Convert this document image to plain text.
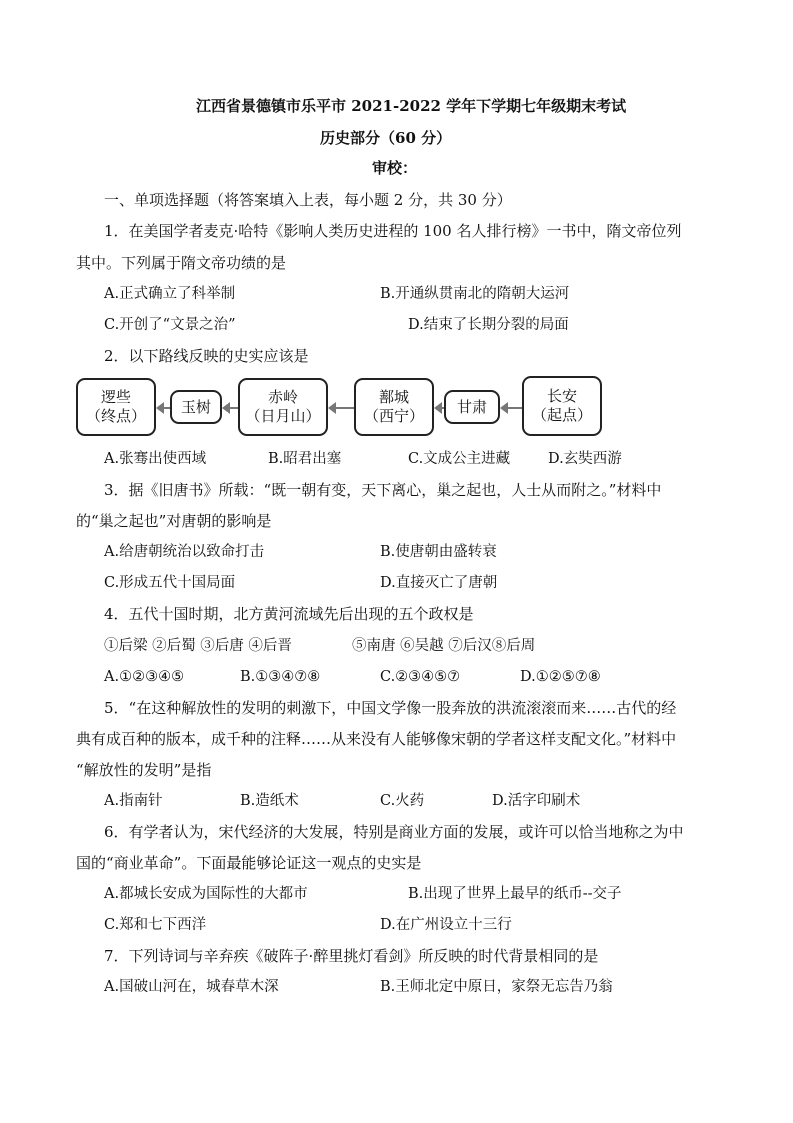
江西省景德镇市乐平市 2021-2022 学年下学期七年级期末考试
历史部分（60 分）
审校：
一、单项选择题（将答案填入上表，每小题 2 分，共 30 分）
1．在美国学者麦克·哈特《影响人类历史进程的 100 名人排行榜》一书中，隋文帝位列
其中。下列属于隋文帝功绩的是
A.正式确立了科举制	B.开通纵贯南北的隋朝大运河
C.开创了“文景之治”	D.结束了长期分裂的局面
2．以下路线反映的史实应该是
逻些
（终点）
玉树
赤岭
（日月山）
鄯城
（西宁）
甘肃
长安
（起点）
A.张骞出使西域	B.昭君出塞	C.文成公主进藏	D.玄奘西游
3．据《旧唐书》所载：“既一朝有变，天下离心，巢之起也，人士从而附之。”材料中
的“巢之起也”对唐朝的影响是
A.给唐朝统治以致命打击	B.使唐朝由盛转衰
C.形成五代十国局面	D.直接灭亡了唐朝
4．五代十国时期，北方黄河流域先后出现的五个政权是
①后梁 ②后蜀 ③后唐 ④后晋	⑤南唐 ⑥吴越 ⑦后汉⑧后周
A.①②③④⑤	B.①③④⑦⑧	C.②③④⑤⑦	D.①②⑤⑦⑧
5．“在这种解放性的发明的刺激下，中国文学像一股奔放的洪流滚滚而来……古代的经
典有成百种的版本，成千种的注释……从来没有人能够像宋朝的学者这样支配文化。”材料中
“解放性的发明”是指
A.指南针	B.造纸术	C.火药	D.活字印刷术
6．有学者认为，宋代经济的大发展，特别是商业方面的发展，或许可以恰当地称之为中
国的“商业革命”。下面最能够论证这一观点的史实是
A.都城长安成为国际性的大都市	B.出现了世界上最早的纸币--交子
C.郑和七下西洋	D.在广州设立十三行
7．下列诗词与辛弃疾《破阵子·醉里挑灯看剑》所反映的时代背景相同的是
A.国破山河在，城春草木深	B.王师北定中原日，家祭无忘告乃翁
